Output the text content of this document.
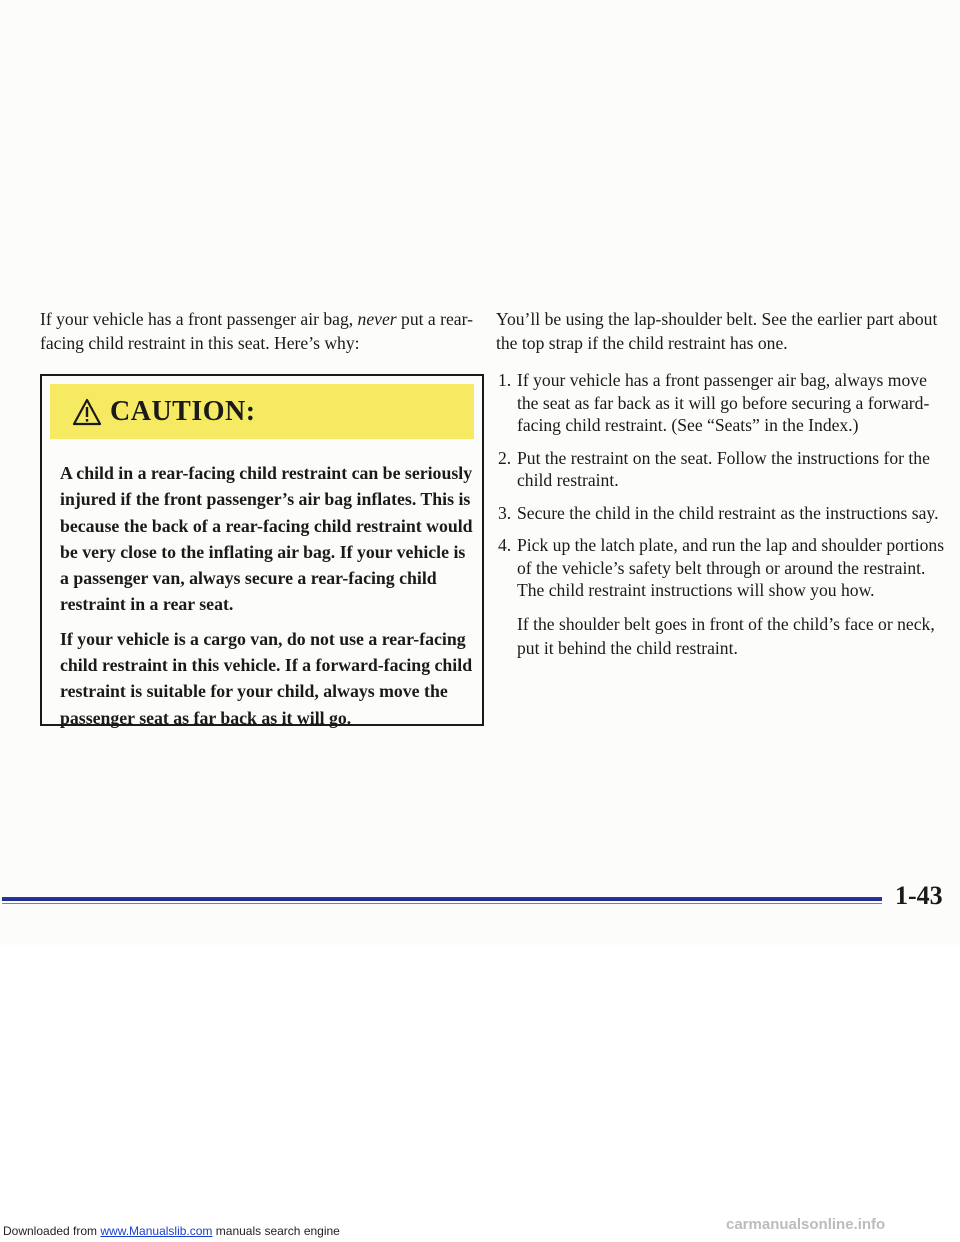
If your vehicle has a front passenger air bag, never put a rear-facing child restraint in this seat. Here’s why:

CAUTION:

A child in a rear-facing child restraint can be seriously injured if the front passenger’s air bag inflates. This is because the back of a rear-facing child restraint would be very close to the inflating air bag. If your vehicle is a passenger van, always secure a rear-facing child restraint in a rear seat.

If your vehicle is a cargo van, do not use a rear-facing child restraint in this vehicle. If a forward-facing child restraint is suitable for your child, always move the passenger seat as far back as it will go.

You’ll be using the lap-shoulder belt. See the earlier part about the top strap if the child restraint has one.

1. If your vehicle has a front passenger air bag, always move the seat as far back as it will go before securing a forward-facing child restraint. (See “Seats” in the Index.)
2. Put the restraint on the seat. Follow the instructions for the child restraint.
3. Secure the child in the child restraint as the instructions say.
4. Pick up the latch plate, and run the lap and shoulder portions of the vehicle’s safety belt through or around the restraint. The child restraint instructions will show you how.

If the shoulder belt goes in front of the child’s face or neck, put it behind the child restraint.

1-43
Downloaded from www.Manualslib.com manuals search engine	carmanualsonline.info
